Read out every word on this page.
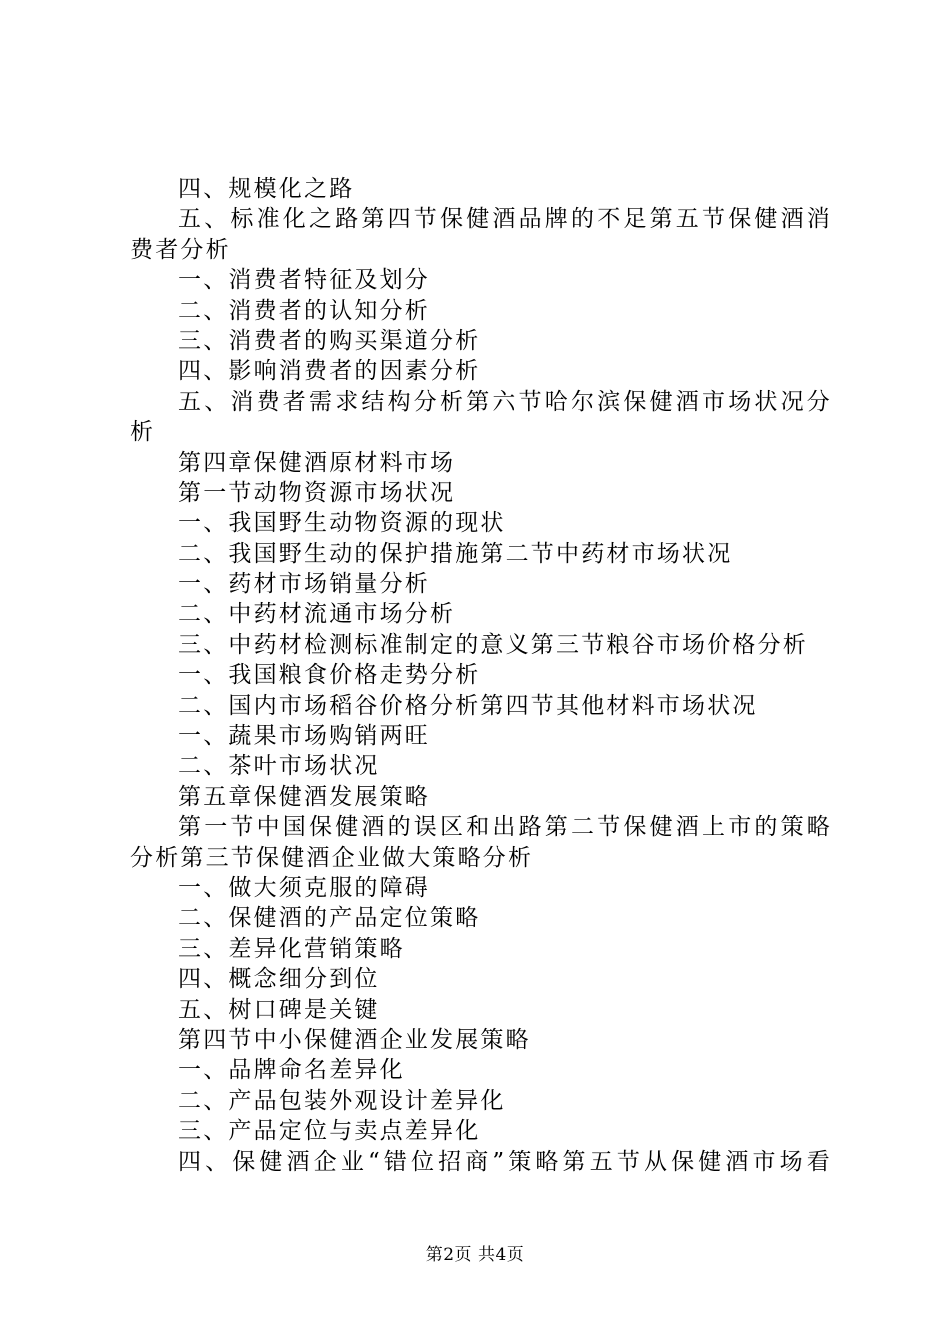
四、规模化之路
五、标准化之路第四节保健酒品牌的不足第五节保健酒消
费者分析
一、消费者特征及划分
二、消费者的认知分析
三、消费者的购买渠道分析
四、影响消费者的因素分析
五、消费者需求结构分析第六节哈尔滨保健酒市场状况分
析
第四章保健酒原材料市场
第一节动物资源市场状况
一、我国野生动物资源的现状
二、我国野生动的保护措施第二节中药材市场状况
一、药材市场销量分析
二、中药材流通市场分析
三、中药材检测标准制定的意义第三节粮谷市场价格分析
一、我国粮食价格走势分析
二、国内市场稻谷价格分析第四节其他材料市场状况
一、蔬果市场购销两旺
二、茶叶市场状况
第五章保健酒发展策略
第一节中国保健酒的误区和出路第二节保健酒上市的策略
分析第三节保健酒企业做大策略分析
一、做大须克服的障碍
二、保健酒的产品定位策略
三、差异化营销策略
四、概念细分到位
五、树口碑是关键
第四节中小保健酒企业发展策略
一、品牌命名差异化
二、产品包装外观设计差异化
三、产品定位与卖点差异化
四、保健酒企业“错位招商”策略第五节从保健酒市场看
第2页 共4页
